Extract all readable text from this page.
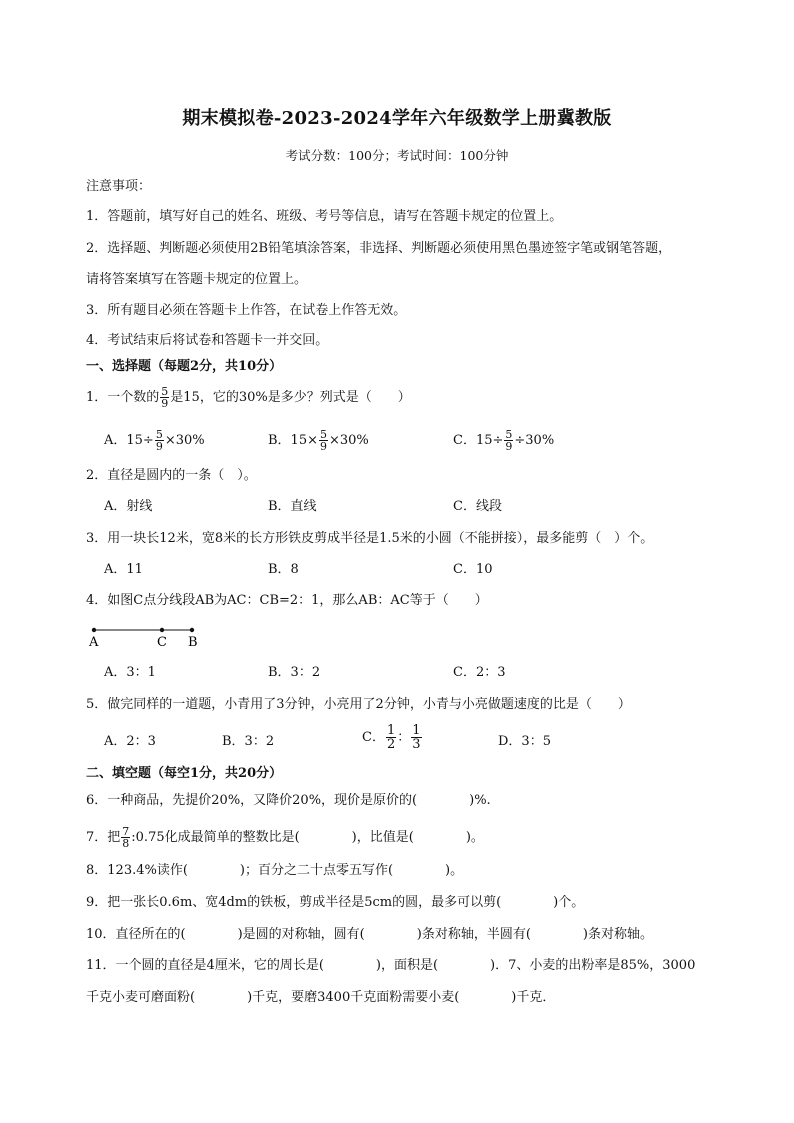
期末模拟卷-2023-2024学年六年级数学上册冀教版
考试分数：100分；考试时间：100分钟
注意事项：
1．答题前，填写好自己的姓名、班级、考号等信息，请写在答题卡规定的位置上。
2．选择题、判断题必须使用2B铅笔填涂答案，非选择、判断题必须使用黑色墨迹签字笔或钢笔答题，
请将答案填写在答题卡规定的位置上。
3．所有题目必须在答题卡上作答，在试卷上作答无效。
4．考试结束后将试卷和答题卡一并交回。
一、选择题（每题2分，共10分）
1．一个数的 $\frac{5}{9}$ 是15，它的30%是多少？列式是（　　）
A．$15\div \frac{5}{9} \times 30\%$	B．$15\times \frac{5}{9} \times 30\%$	C．$15\div \frac{5}{9} \div 30\%$
2．直径是圆内的一条（　）。
A．射线	B．直线	C．线段
3．用一块长12米，宽8米的长方形铁皮剪成半径是1.5米的小圆（不能拼接），最多能剪（　）个。
A．11	B．8	C．10
4．如图C点分线段AB为AC：CB=2：1，那么AB：AC等于（　　）
A	C B
A．3：1	B．3：2	C．2：3
5．做完同样的一道题，小青用了3分钟，小亮用了2分钟，小青与小亮做题速度的比是（　　）
A．2：3	B．3：2	C． $\frac{1}{2}$ ： $\frac{1}{3}$	D．3：5
二、填空题（每空1分，共20分）
6．一种商品，先提价20%，又降价20%，现价是原价的(　　　　)%.
7．把 $\frac{7}{8}$ :0.75化成最简单的整数比是(　　　　)，比值是(　　　　)。
8．123.4%读作(　　　　)；百分之二十点零五写作(　　　　)。
9．把一张长0.6m、宽4dm的铁板，剪成半径是5cm的圆，最多可以剪(　　　　)个。
10．直径所在的(　　　　)是圆的对称轴，圆有(　　　　)条对称轴，半圆有(　　　　)条对称轴。
11．一个圆的直径是4厘米，它的周长是(　　　　)，面积是(　　　　)．7、小麦的出粉率是85%，3000
千克小麦可磨面粉(　　　　)千克，要磨3400千克面粉需要小麦(　　　　)千克．
